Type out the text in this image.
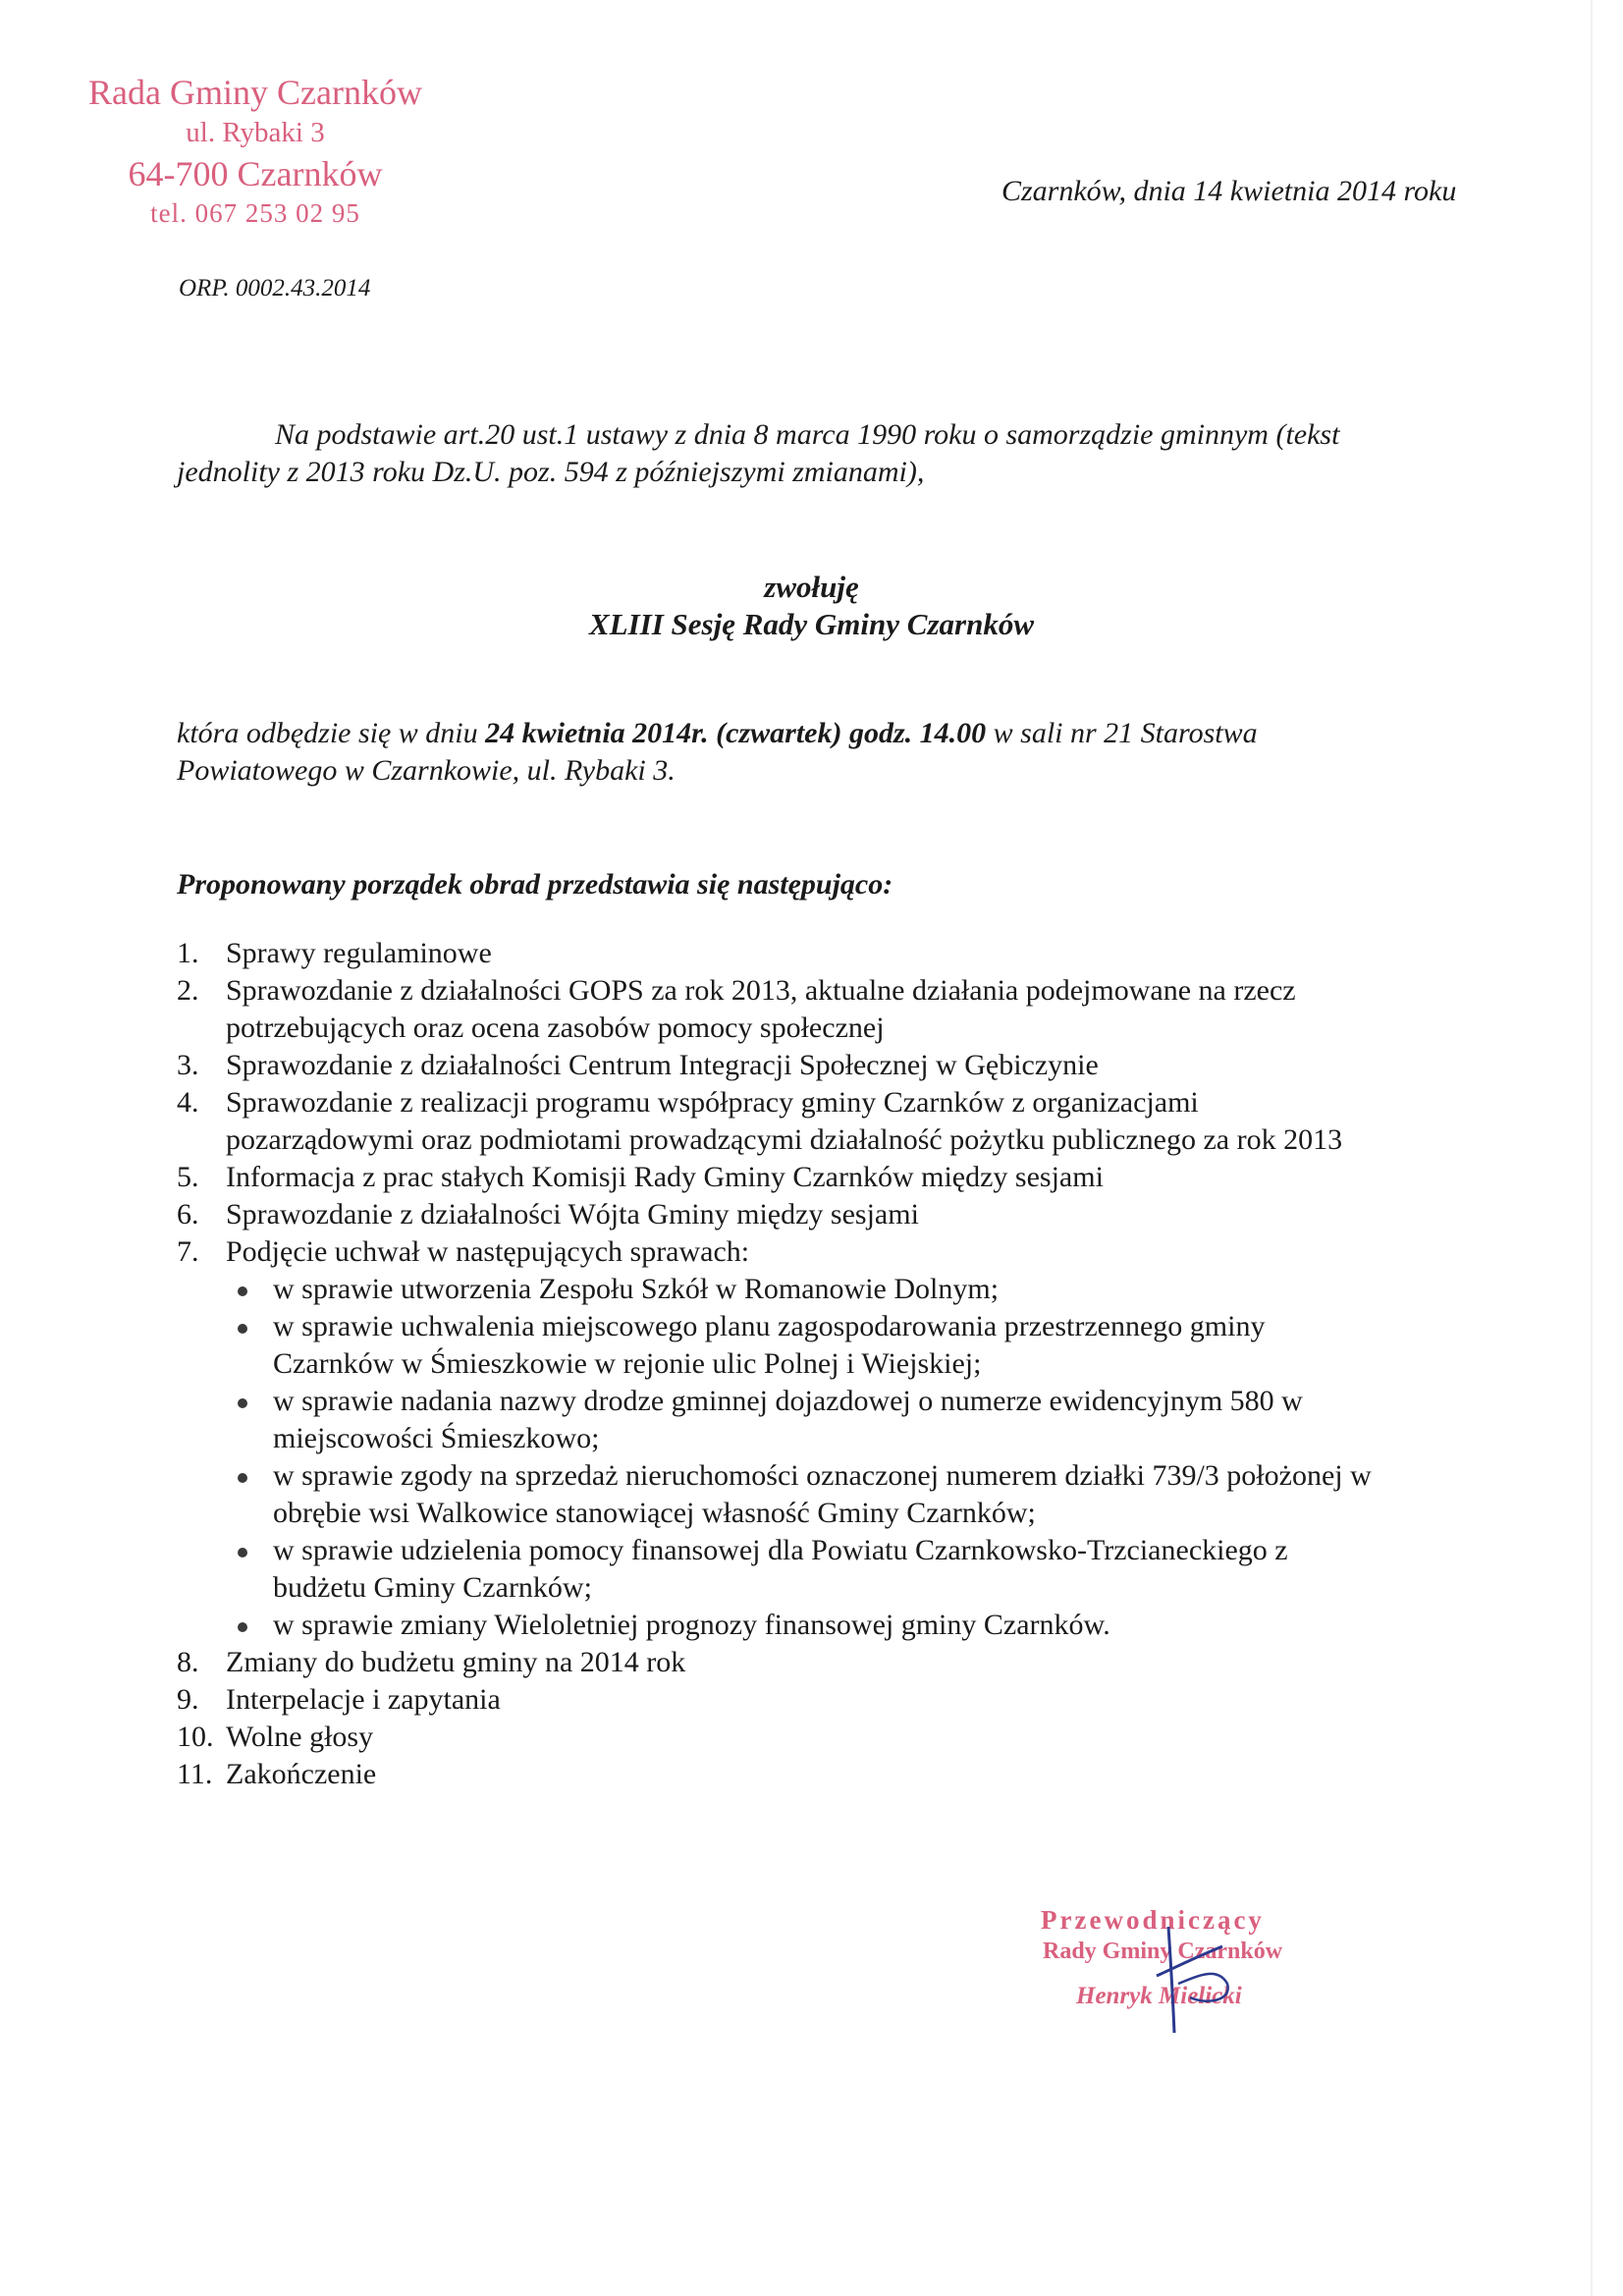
Rada Gminy Czarnków
ul. Rybaki 3
64-700 Czarnków
tel. 067 253 02 95
Czarnków, dnia 14 kwietnia 2014 roku
ORP. 0002.43.2014
Na podstawie art.20 ust.1 ustawy z dnia 8 marca 1990 roku o samorządzie gminnym (tekst
jednolity z 2013 roku Dz.U. poz. 594 z późniejszymi zmianami),
zwołuję
XLIII Sesję Rady Gminy Czarnków
która odbędzie się w dniu 24 kwietnia 2014r. (czwartek) godz. 14.00 w sali nr 21 Starostwa
Powiatowego w Czarnkowie, ul. Rybaki 3.
Proponowany porządek obrad przedstawia się następująco:
1. Sprawy regulaminowe
2. Sprawozdanie z działalności GOPS za rok 2013, aktualne działania podejmowane na rzecz
potrzebujących oraz ocena zasobów pomocy społecznej
3. Sprawozdanie z działalności Centrum Integracji Społecznej w Gębiczynie
4. Sprawozdanie z realizacji programu współpracy gminy Czarnków z organizacjami
pozarządowymi oraz podmiotami prowadzącymi działalność pożytku publicznego za rok 2013
5. Informacja z prac stałych Komisji Rady Gminy Czarnków między sesjami
6. Sprawozdanie z działalności Wójta Gminy między sesjami
7. Podjęcie uchwał w następujących sprawach:
w sprawie utworzenia Zespołu Szkół w Romanowie Dolnym;
w sprawie uchwalenia miejscowego planu zagospodarowania przestrzennego gminy
Czarnków w Śmieszkowie w rejonie ulic Polnej i Wiejskiej;
w sprawie nadania nazwy drodze gminnej dojazdowej o numerze ewidencyjnym 580 w
miejscowości Śmieszkowo;
w sprawie zgody na sprzedaż nieruchomości oznaczonej numerem działki 739/3 położonej w
obrębie wsi Walkowice stanowiącej własność Gminy Czarnków;
w sprawie udzielenia pomocy finansowej dla Powiatu Czarnkowsko-Trzcianeckiego z
budżetu Gminy Czarnków;
w sprawie zmiany Wieloletniej prognozy finansowej gminy Czarnków.
8. Zmiany do budżetu gminy na 2014 rok
9. Interpelacje i zapytania
10. Wolne głosy
11. Zakończenie
Przewodniczący
Rady Gminy Czarnków
Henryk Mielicki
